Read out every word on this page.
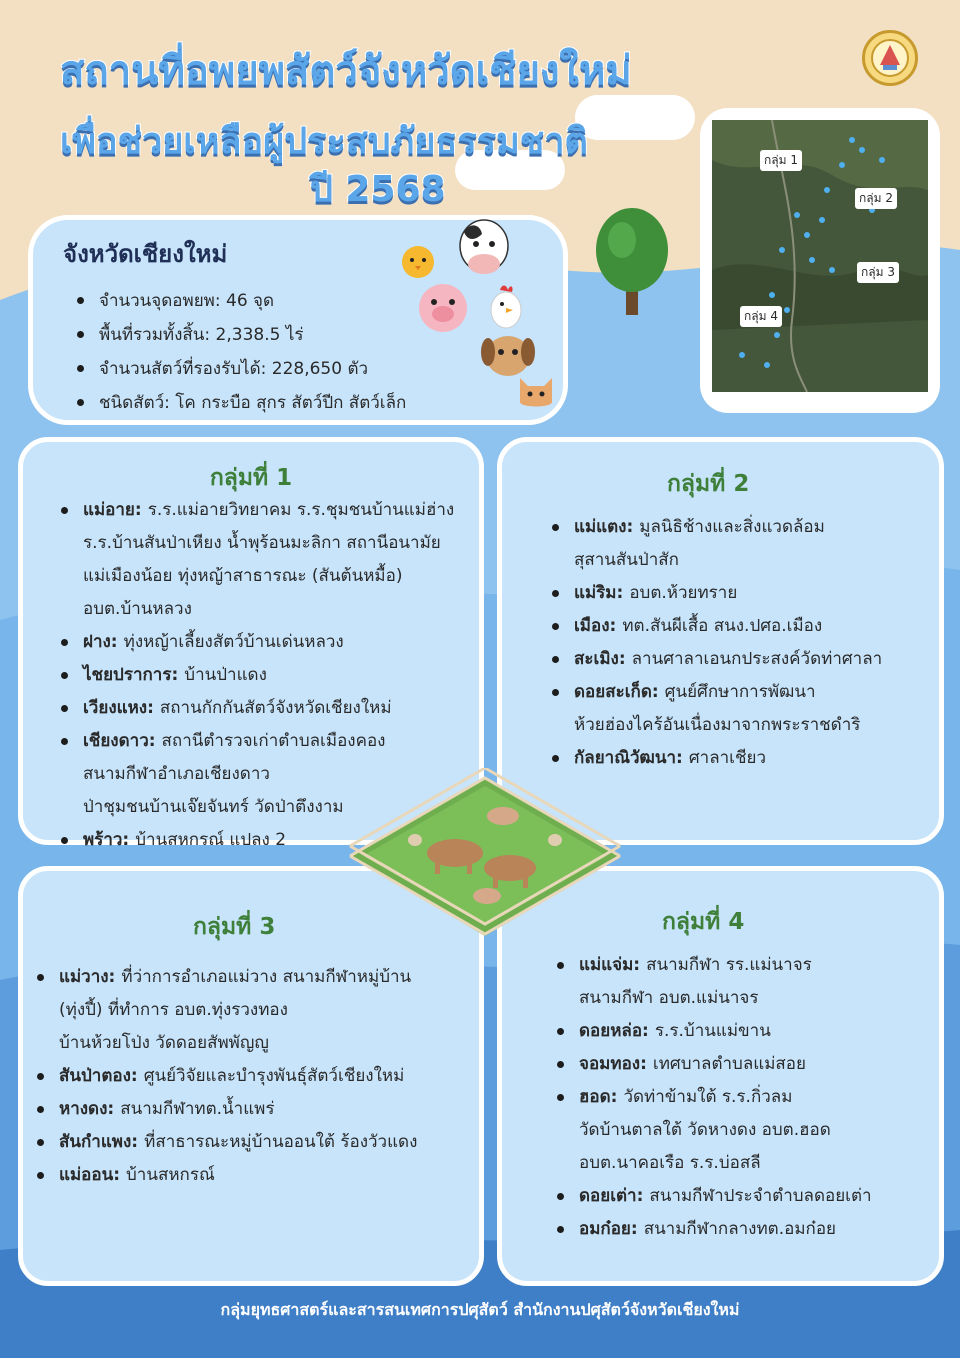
สถานที่อพยพสัตว์จังหวัดเชียงใหม่
เพื่อช่วยเหลือผู้ประสบภัยธรรมชาติ
ปี 2568
กลุ่ม 1
กลุ่ม 2
กลุ่ม 3
กลุ่ม 4
จังหวัดเชียงใหม่
จำนวนจุดอพยพ: 46 จุด
พื้นที่รวมทั้งสิ้น: 2,338.5 ไร่
จำนวนสัตว์ที่รองรับได้: 228,650 ตัว
ชนิดสัตว์: โค กระบือ สุกร สัตว์ปีก สัตว์เล็ก
กลุ่มที่ 1
แม่อาย: ร.ร.แม่อายวิทยาคม ร.ร.ชุมชนบ้านแม่ฮ่าง
ร.ร.บ้านสันป่าเหียง น้ำพุร้อนมะลิกา สถานีอนามัย
แม่เมืองน้อย ทุ่งหญ้าสาธารณะ (สันต้นหมื้อ)
อบต.บ้านหลวง
ฝาง: ทุ่งหญ้าเลี้ยงสัตว์บ้านเด่นหลวง
ไชยปราการ: บ้านป่าแดง
เวียงแหง: สถานกักกันสัตว์จังหวัดเชียงใหม่
เชียงดาว: สถานีตำรวจเก่าตำบลเมืองคอง
สนามกีฬาอำเภอเชียงดาว
ป่าชุมชนบ้านเจ๊ยจันทร์ วัดป่าตึงงาม
พร้าว: บ้านสหกรณ์ แปลง 2
กลุ่มที่ 2
แม่แตง: มูลนิธิช้างและสิ่งแวดล้อม
สุสานสันป่าสัก
แม่ริม: อบต.ห้วยทราย
เมือง: ทต.สันผีเสื้อ สนง.ปศอ.เมือง
สะเมิง: ลานศาลาเอนกประสงค์วัดท่าศาลา
ดอยสะเก็ด: ศูนย์ศึกษาการพัฒนา
ห้วยฮ่องไคร้อันเนื่องมาจากพระราชดำริ
กัลยาณิวัฒนา: ศาลาเชียว
กลุ่มที่ 3
แม่วาง: ที่ว่าการอำเภอแม่วาง สนามกีฬาหมู่บ้าน
(ทุ่งปี้) ที่ทำการ อบต.ทุ่งรวงทอง
บ้านห้วยโป่ง วัดดอยสัพพัญญู
สันป่าตอง: ศูนย์วิจัยและบำรุงพันธุ์สัตว์เชียงใหม่
หางดง: สนามกีฬาทต.น้ำแพร่
สันกำแพง: ที่สาธารณะหมู่บ้านออนใต้ ร้องวัวแดง
แม่ออน: บ้านสหกรณ์
กลุ่มที่ 4
แม่แจ่ม: สนามกีฬา รร.แม่นาจร
สนามกีฬา อบต.แม่นาจร
ดอยหล่อ: ร.ร.บ้านแม่ขาน
จอมทอง: เทศบาลตำบลแม่สอย
ฮอด: วัดท่าข้ามใต้ ร.ร.กิ่วลม
วัดบ้านตาลใต้ วัดหางดง อบต.ฮอด
อบต.นาคอเรือ ร.ร.บ่อสลี
ดอยเต่า: สนามกีฬาประจำตำบลดอยเต่า
อมก๋อย: สนามกีฬากลางทต.อมก๋อย
กลุ่มยุทธศาสตร์และสารสนเทศการปศุสัตว์ สำนักงานปศุสัตว์จังหวัดเชียงใหม่
